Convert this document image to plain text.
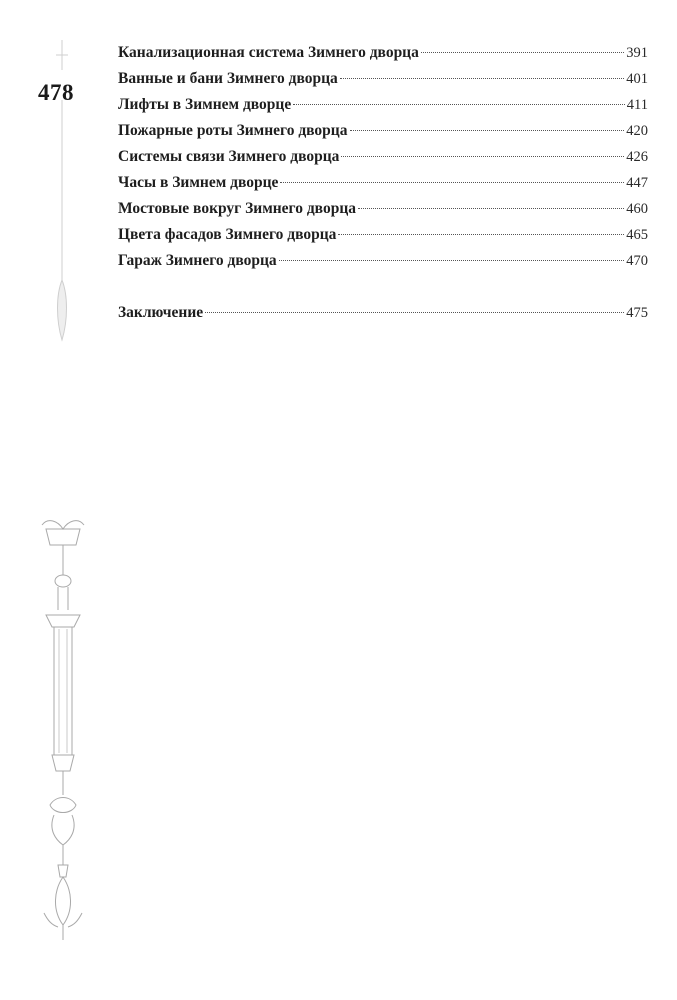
478
Канализационная система Зимнего дворца	391
Ванные и бани Зимнего дворца	401
Лифты в Зимнем дворце	411
Пожарные роты Зимнего дворца	420
Системы связи Зимнего дворца	426
Часы в Зимнем дворце	447
Мостовые вокруг Зимнего дворца	460
Цвета фасадов Зимнего дворца	465
Гараж Зимнего дворца	470
Заключение	475
